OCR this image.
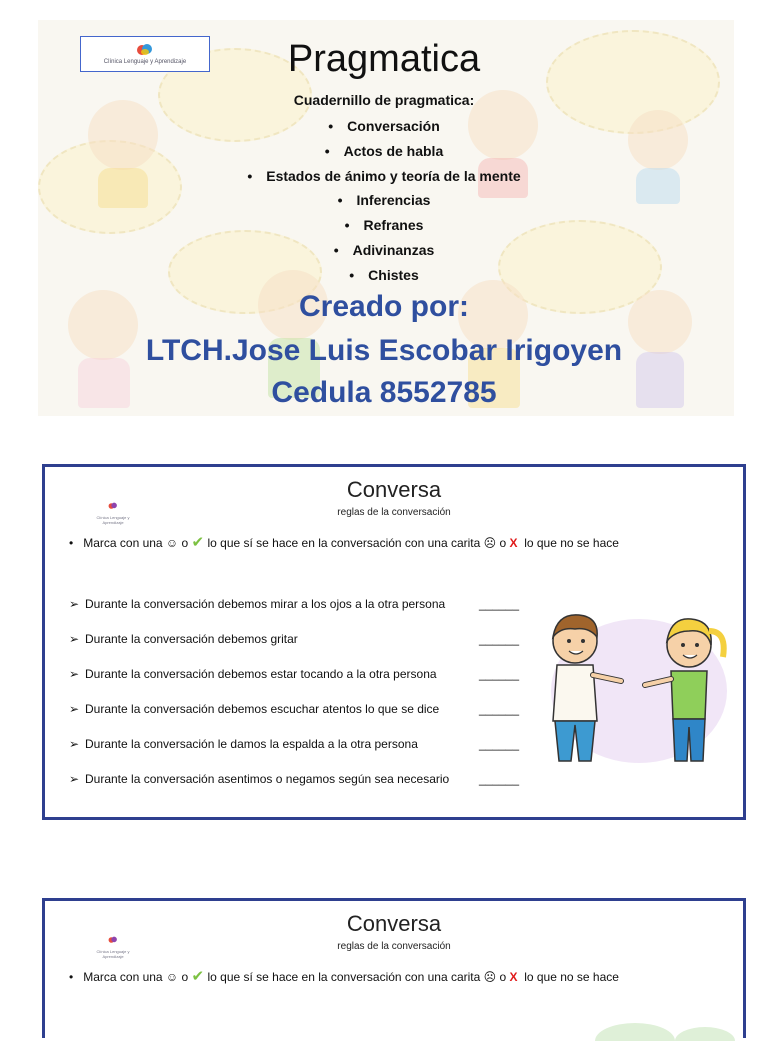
Clínica Lenguaje y Aprendizaje	Pragmatica
Cuadernillo de pragmatica:
• Conversación
• Actos de habla
• Estados de ánimo y teoría de la mente
• Inferencias
• Refranes
• Adivinanzas
• Chistes
Creado por:
LTCH.Jose Luis Escobar Irigoyen
Cedula 8552785
Clínica Lenguaje y Aprendizaje
Conversa
reglas de la conversación
• Marca con una ☺ o ✔ lo que sí se hace en la conversación con una carita ☹ o X lo que no se hace
➢ Durante la conversación debemos mirar a los ojos a la otra persona	______
➢ Durante la conversación debemos gritar	______
➢ Durante la conversación debemos estar tocando a la otra persona	______
➢ Durante la conversación debemos escuchar atentos lo que se dice	______
➢ Durante la conversación le damos la espalda a la otra persona	______
➢ Durante la conversación asentimos o negamos según sea necesario	______
Clínica Lenguaje y Aprendizaje
Conversa
reglas de la conversación
• Marca con una ☺ o ✔ lo que sí se hace en la conversación con una carita ☹ o X lo que no se hace
